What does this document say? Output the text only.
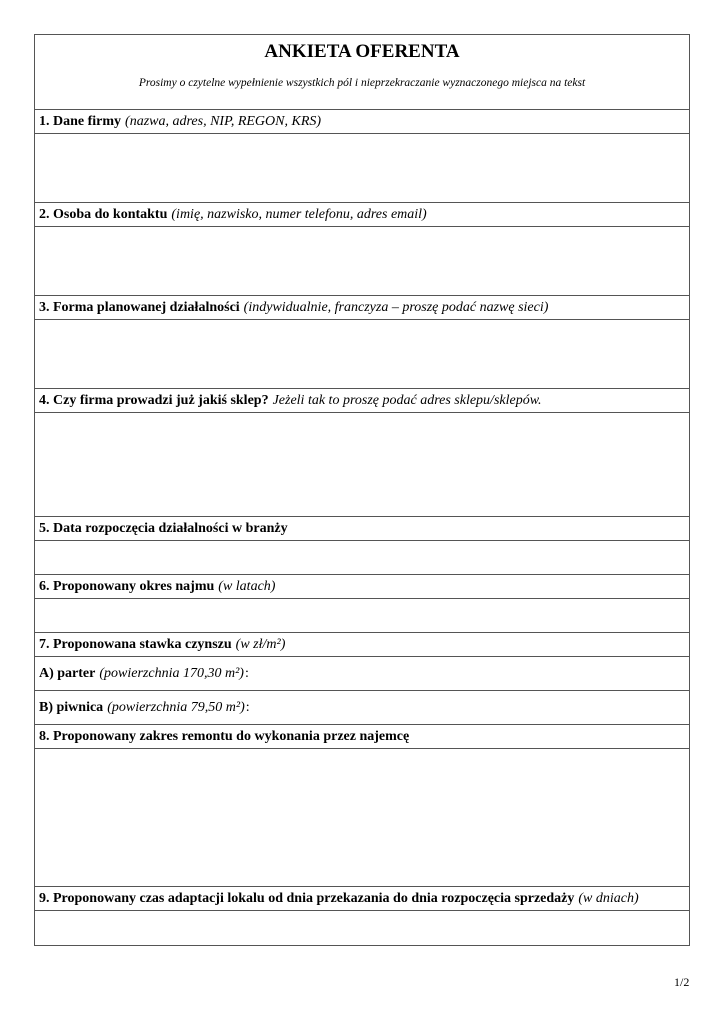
ANKIETA OFERENTA
Prosimy o czytelne wypełnienie wszystkich pól i nieprzekraczanie wyznaczonego miejsca na tekst
1. Dane firmy (nazwa, adres, NIP, REGON, KRS)
2. Osoba do kontaktu (imię, nazwisko, numer telefonu, adres email)
3. Forma planowanej działalności (indywidualnie, franczyza – proszę podać nazwę sieci)
4. Czy firma prowadzi już jakiś sklep? Jeżeli tak to proszę podać adres sklepu/sklepów.
5. Data rozpoczęcia działalności w branży
6. Proponowany okres najmu (w latach)
7. Proponowana stawka czynszu (w zł/m²)
A) parter (powierzchnia 170,30 m²) :
B) piwnica (powierzchnia 79,50 m²) :
8. Proponowany zakres remontu do wykonania przez najemcę
9. Proponowany czas adaptacji lokalu od dnia przekazania do dnia rozpoczęcia sprzedaży (w dniach)
1/2
